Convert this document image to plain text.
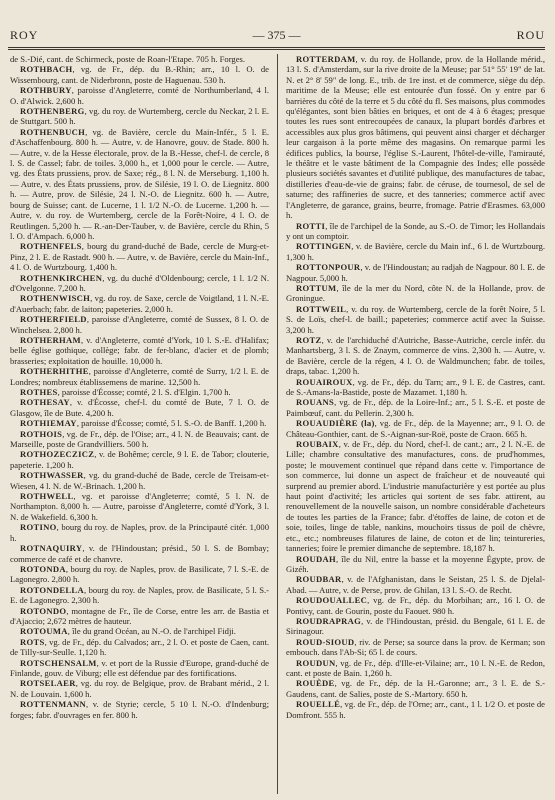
ROY	— 375 —	ROU

de S.-Dié, cant. de Schirmeck, poste de Roan-l'Etape. 705 h. Forges.

ROTHBACH, vg. de Fr., dép. du B.-Rhin; arr., 10 l. O. de Wissembourg, cant. de Niderbronn, poste de Haguenau. 530 h.

ROTHBURY, paroisse d'Angleterre, comté de Northumberland, 4 l. O. d'Alwick. 2,600 h.

ROTHENBERG, vg. du roy. de Wurtemberg, cercle du Neckar, 2 l. E. de Stuttgart. 500 h.

ROTHENBUCH, vg. de Bavière, cercle du Main-Infér., 5 l. E. d'Aschaffenbourg. 800 h. — Autre, v. de Hanovre, gouv. de Stade. 800 h. — Autre, v. de la Hesse électorale, prov. de la B.-Hesse, chef-l. de cercle, 8 l. S. de Cassel; fabr. de toiles. 3,000 h., et 1,000 pour le cercle. — Autre, vg. des États prussiens, prov. de Saxe; rég., 8 l. N. de Merseburg. 1,100 h. — Autre, v. des États prussiens, prov. de Silésie, 19 l. O. de Liegnitz. 800 h. — Autre, prov. de Silésie, 24 l. N.-O. de Liegnitz. 600 h. — Autre, bourg de Suisse; cant. de Lucerne, 1 l. 1/2 N.-O. de Lucerne. 1,200 h. — Autre, v. du roy. de Wurtemberg, cercle de la Forêt-Noire, 4 l. O. de Reutlingen. 5,200 h. — R.-an-Der-Tauber, v. de Bavière, cercle du Rhin, 5 l. O. d'Ampach. 6,000 h.

ROTHENFELS, bourg du grand-duché de Bade, cercle de Murg-et-Pinz, 2 l. E. de Rastadt. 900 h. — Autre, v. de Bavière, cercle du Main-Inf., 4 l. O. de Wurtzbourg. 1,400 h.

ROTHENKIRCHEN, vg. du duché d'Oldenbourg; cercle, 1 l. 1/2 N. d'Ovelgonne. 7,200 h.

ROTHENWISCH, vg. du roy. de Saxe, cercle de Voigtland, 1 l. N.-E. d'Auerbach; fabr. de laiton; papeteries. 2,000 h.

ROTHERFIELD, paroisse d'Angleterre, comté de Sussex, 8 l. O. de Winchelsea. 2,800 h.

ROTHERHAM, v. d'Angleterre, comté d'York, 10 l. S.-E. d'Halifax; belle église gothique, collège; fabr. de fer-blanc, d'acier et de plomb; brasseries; exploitation de houille. 10,000 h.

ROTHERHITHE, paroisse d'Angleterre, comté de Surry, 1/2 l. E. de Londres; nombreux établissemens de marine. 12,500 h.

ROTHES, paroisse d'Écosse; comté, 2 l. S. d'Elgin. 1,700 h.

ROTHESAY, v. d'Écosse, chef-l. du comté de Bute, 7 l. O. de Glasgow, île de Bute. 4,200 h.

ROTHIEMAY, paroisse d'Écosse; comté, 5 l. S.-O. de Banff. 1,200 h.

ROTHOIS, vg. de Fr., dép. de l'Oise; arr., 4 l. N. de Beauvais; cant. de Marseille, poste de Grandvilliers. 500 h.

ROTHOZECZICZ, v. de Bohême; cercle, 9 l. E. de Tabor; clouterie, papeterie. 1,200 h.

ROTHWASSER, vg. du grand-duché de Bade, cercle de Treisam-et-Wiesen, 4 l. N. de W.-Brinach. 1,200 h.

ROTHWELL, vg. et paroisse d'Angleterre; comté, 5 l. N. de Northampton. 8,000 h. — Autre, paroisse d'Angleterre, comté d'York, 3 l. N. de Wakefield. 6,300 h.

ROTINO, bourg du roy. de Naples, prov. de la Principauté citér. 1,000 h.

ROTNAQUIRY, v. de l'Hindoustan; présid., 50 l. S. de Bombay; commerce de café et de chanvre.

ROTONDA, bourg du roy. de Naples, prov. de Basilicate, 7 l. S.-E. de Lagonegro. 2,800 h.

ROTONDELLA, bourg du roy. de Naples, prov. de Basilicate, 5 l. S.-E. de Lagonegro. 2,300 h.

ROTONDO, montagne de Fr., île de Corse, entre les arr. de Bastia et d'Ajaccio; 2,672 mètres de hauteur.

ROTOUMA, île du grand Océan, au N.-O. de l'archipel Fidji.

ROTS, vg. de Fr., dép. du Calvados; arr., 2 l. O. et poste de Caen, cant. de Tilly-sur-Seulle. 1,120 h.

ROTSCHENSALM, v. et port de la Russie d'Europe, grand-duché de Finlande, gouv. de Viburg; elle est défendue par des fortifications.

ROTSELAER, vg. du roy. de Belgique, prov. de Brabant mérid., 2 l. N. de Louvain. 1,600 h.

ROTTENMANN, v. de Styrie; cercle, 5 10 l. N.-O. d'Indenburg; forges; fabr. d'ouvrages en fer. 800 h.

ROTTERDAM, v. du roy. de Hollande, prov. de la Hollande mérid., 13 l. S. d'Amsterdam, sur la rive droite de la Meuse; par 51° 55' 19" de lat. N. et 2° 8' 59" de long. E., trib. de 1re inst. et de commerce, siège du dép. maritime de la Meuse; elle est entourée d'un fossé. On y entre par 6 barrières du côté de la terre et 5 du côté du fl. Ses maisons, plus commodes qu'élégantes, sont bien bâties en briques, et ont de 4 à 6 étages; presque toutes les rues sont entrecoupées de canaux, la plupart bordés d'arbres et accessibles aux plus gros bâtimens, qui peuvent ainsi charger et décharger leur cargaison à la porte même des magasins. On remarque parmi les édifices publics, la bourse, l'église S.-Laurent, l'hôtel-de-ville, l'amirauté, le théâtre et le vaste bâtiment de la Compagnie des Indes; elle possède plusieurs sociétés savantes et d'utilité publique, des manufactures de tabac, distilleries d'eau-de-vie de grains; fabr. de céruse, de tournesol, de sel de saturne; des raffineries de sucre, et des tanneries; commerce actif avec l'Angleterre, de garance, grains, beurre, fromage. Patrie d'Erasmes. 63,000 h.

ROTTI, île de l'archipel de la Sonde, au S.-O. de Timor; les Hollandais y ont un comptoir.

ROTTINGEN, v. de Bavière, cercle du Main inf., 6 l. de Wurtzbourg. 1,300 h.

ROTTONPOUR, v. de l'Hindoustan; au radjah de Nagpour. 80 l. E. de Nagpour. 5,000 h.

ROTTUM, île de la mer du Nord, côte N. de la Hollande, prov. de Groningue.

ROTTWEIL, v. du roy. de Wurtemberg, cercle de la forêt Noire, 5 l. S. de Loïs, chef-l. de baill.; papeteries; commerce actif avec la Suisse. 3,200 h.

ROTZ, v. de l'archiduché d'Autriche, Basse-Autriche, cercle infér. du Manhartsberg, 3 l. S. de Znaym, commerce de vins. 2,300 h. — Autre, v. de Bavière, cercle de la régen, 4 l. O. de Waldmunchen; fabr. de toiles, draps, tabac. 1,200 h.

ROUAIROUX, vg. de Fr., dép. du Tarn; arr., 9 l. E. de Castres, cant. de S.-Amans-la-Bastide, poste de Mazamet. 1,180 h.

ROUANS, vg. de Fr., dép. de la Loire-Inf.; arr., 5 l. S.-E. et poste de Paimbœuf, cant. du Pellerin. 2,300 h.

ROUAUDIÈRE (la), vg. de Fr., dép. de la Mayenne; arr., 9 l. O. de Château-Gonthier, cant. de S.-Aignan-sur-Roë, poste de Craon. 665 h.

ROUBAIX, v. de Fr., dép. du Nord, chef-l. de cant.; arr., 2 l. N.-E. de Lille; chambre consultative des manufactures, cons. de prud'hommes, poste; le mouvement continuel que répand dans cette v. l'importance de son commerce, lui donne un aspect de fraîcheur et de nouveauté qui surprend au premier abord. L'industrie manufacturière y est portée au plus haut point d'activité; les articles qui sortent de ses fabr. attirent, au renouvellement de la nouvelle saison, un nombre considérable d'acheteurs de toutes les parties de la France; fabr. d'étoffes de laine, de coton et de soie, toiles, linge de table, nankins, mouchoirs tissus de poil de chèvre, etc., etc.; nombreuses filatures de laine, de coton et de lin; teintureries, tanneries; foire le premier dimanche de septembre. 18,187 h.

ROUDAH, île du Nil, entre la basse et la moyenne Égypte, prov. de Gizéh.

ROUDBAR, v. de l'Afghanistan, dans le Seistan, 25 l. S. de Djelal-Abad. — Autre, v. de Perse, prov. de Ghilan, 13 l. S.-O. de Recht.

ROUDOUALLEC, vg. de Fr., dép. du Morbihan; arr., 16 l. O. de Pontivy, cant. de Gourin, poste du Faouet. 980 h.

ROUDRAPRAG, v. de l'Hindoustan, présid. du Bengale, 61 l. E. de Sirinagour.

ROUD-SIOUD, riv. de Perse; sa source dans la prov. de Kerman; son embouch. dans l'Ab-Si; 65 l. de cours.

ROUDUN, vg. de Fr., dép. d'Ille-et-Vilaine; arr., 10 l. N.-E. de Redon, cant. et poste de Bain. 1,260 h.

ROUÈDE, vg. de Fr., dép. de la H.-Garonne; arr., 3 l. E. de S.-Gaudens, cant. de Salies, poste de S.-Martory. 650 h.

ROUELLÉ, vg. de Fr., dép. de l'Orne; arr., cant., 1 l. 1/2 O. et poste de Domfront. 555 h.
